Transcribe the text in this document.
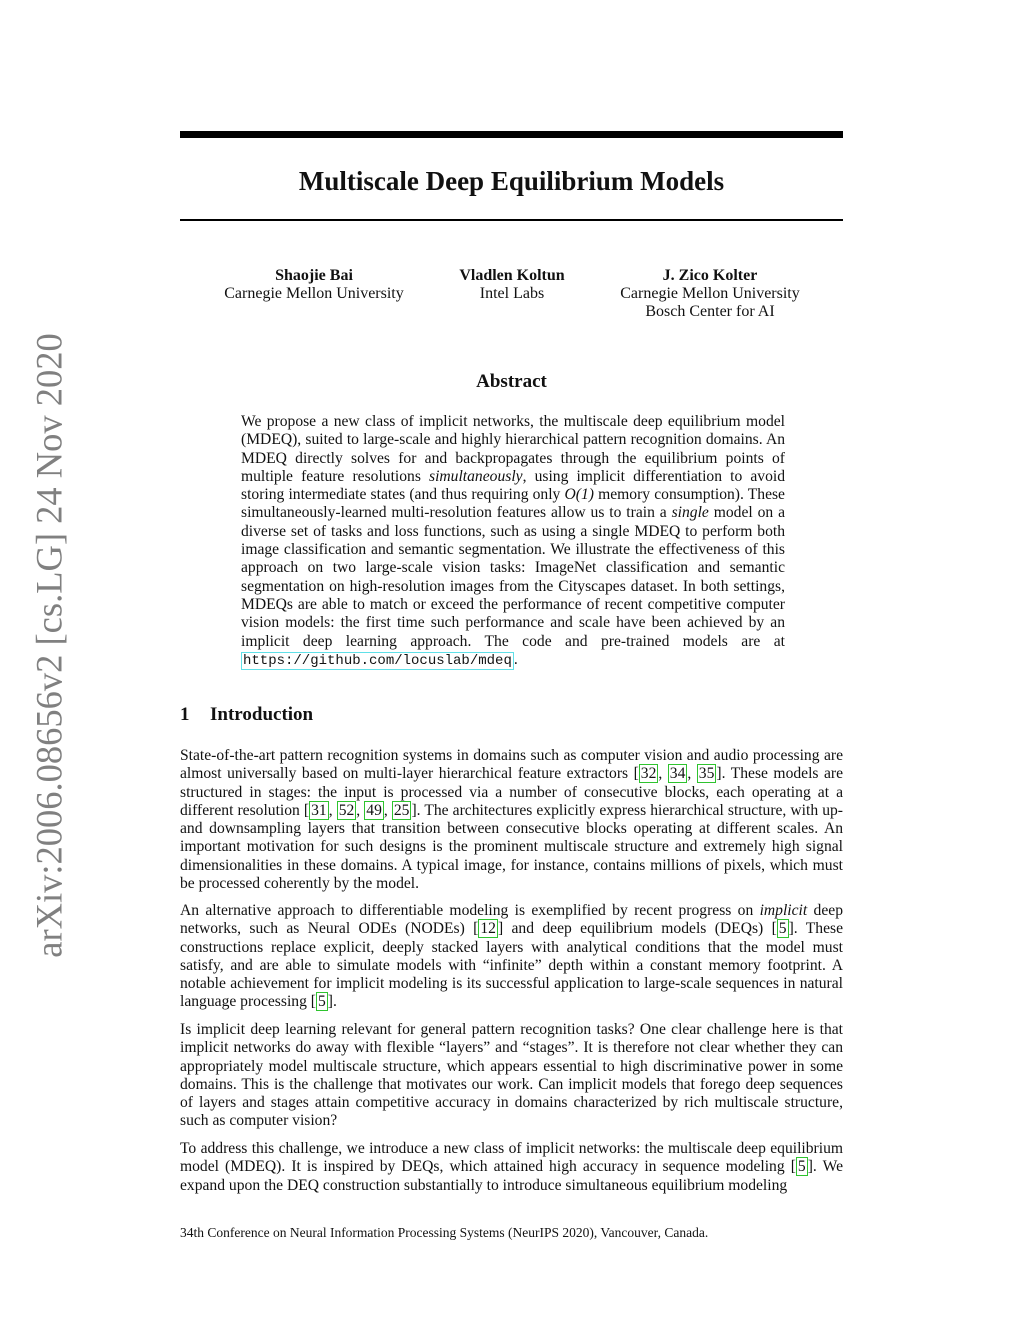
arXiv:2006.08656v2 [cs.LG] 24 Nov 2020
Multiscale Deep Equilibrium Models
Shaojie Bai
Carnegie Mellon University
Vladlen Koltun
Intel Labs
J. Zico Kolter
Carnegie Mellon University
Bosch Center for AI
Abstract
We propose a new class of implicit networks, the multiscale deep equilibrium model (MDEQ), suited to large-scale and highly hierarchical pattern recognition domains. An MDEQ directly solves for and backpropagates through the equilibrium points of multiple feature resolutions simultaneously, using implicit differentiation to avoid storing intermediate states (and thus requiring only O(1) memory consumption). These simultaneously-learned multi-resolution features allow us to train a single model on a diverse set of tasks and loss functions, such as using a single MDEQ to perform both image classification and semantic segmentation. We illustrate the effectiveness of this approach on two large-scale vision tasks: ImageNet classification and semantic segmentation on high-resolution images from the Cityscapes dataset. In both settings, MDEQs are able to match or exceed the performance of recent competitive computer vision models: the first time such performance and scale have been achieved by an implicit deep learning approach. The code and pre-trained models are at https://github.com/locuslab/mdeq .
1 Introduction
State-of-the-art pattern recognition systems in domains such as computer vision and audio processing are almost universally based on multi-layer hierarchical feature extractors [ 32 , 34 , 35 ]. These models are structured in stages: the input is processed via a number of consecutive blocks, each operating at a different resolution [ 31 , 52 , 49 , 25 ]. The architectures explicitly express hierarchical structure, with up- and downsampling layers that transition between consecutive blocks operating at different scales. An important motivation for such designs is the prominent multiscale structure and extremely high signal dimensionalities in these domains. A typical image, for instance, contains millions of pixels, which must be processed coherently by the model.
An alternative approach to differentiable modeling is exemplified by recent progress on implicit deep networks, such as Neural ODEs (NODEs) [ 12 ] and deep equilibrium models (DEQs) [ 5 ]. These constructions replace explicit, deeply stacked layers with analytical conditions that the model must satisfy, and are able to simulate models with “infinite” depth within a constant memory footprint. A notable achievement for implicit modeling is its successful application to large-scale sequences in natural language processing [ 5 ].
Is implicit deep learning relevant for general pattern recognition tasks? One clear challenge here is that implicit networks do away with flexible “layers” and “stages”. It is therefore not clear whether they can appropriately model multiscale structure, which appears essential to high discriminative power in some domains. This is the challenge that motivates our work. Can implicit models that forego deep sequences of layers and stages attain competitive accuracy in domains characterized by rich multiscale structure, such as computer vision?
To address this challenge, we introduce a new class of implicit networks: the multiscale deep equilibrium model (MDEQ). It is inspired by DEQs, which attained high accuracy in sequence modeling [ 5 ]. We expand upon the DEQ construction substantially to introduce simultaneous equilibrium modeling
34th Conference on Neural Information Processing Systems (NeurIPS 2020), Vancouver, Canada.
